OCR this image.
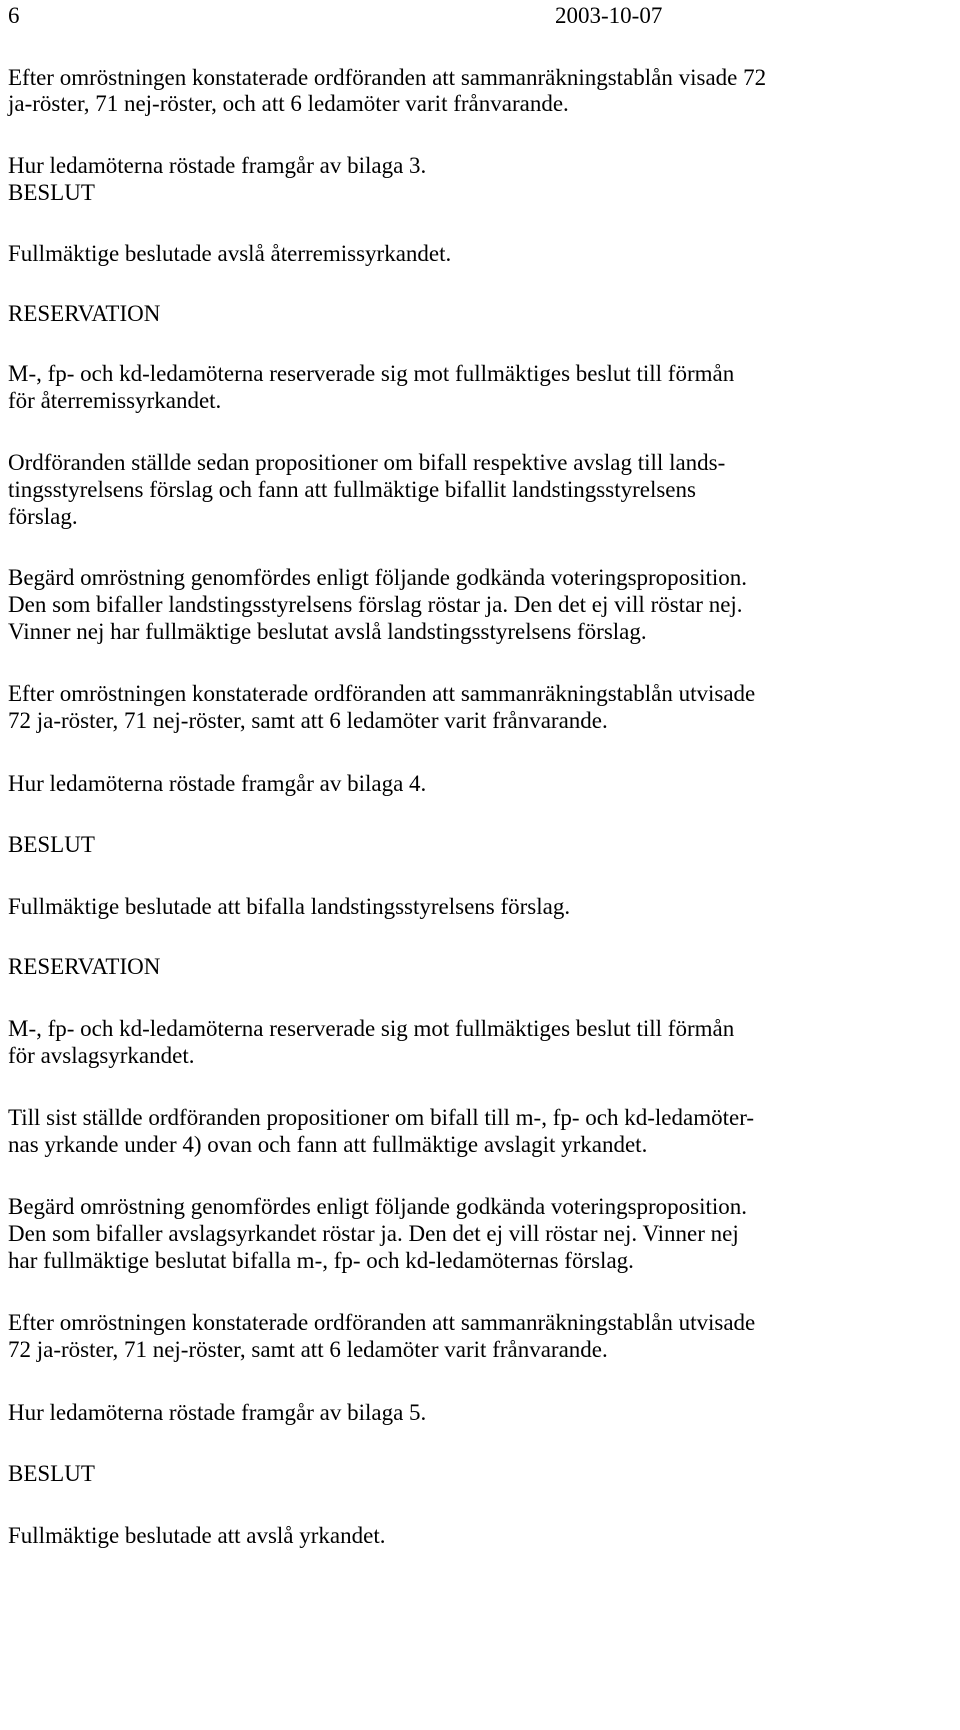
6	2003-10-07
Efter omröstningen konstaterade ordföranden att sammanräkningstablån visade 72
ja-röster, 71 nej-röster, och att 6 ledamöter varit frånvarande.
Hur ledamöterna röstade framgår av bilaga 3.
BESLUT
Fullmäktige beslutade avslå återremissyrkandet.
RESERVATION
M-, fp- och kd-ledamöterna reserverade sig mot fullmäktiges beslut till förmån
för återremissyrkandet.
Ordföranden ställde sedan propositioner om bifall respektive avslag till lands-
tingsstyrelsens förslag och fann att fullmäktige bifallit landstingsstyrelsens
förslag.
Begärd omröstning genomfördes enligt följande godkända voteringsproposition.
Den som bifaller landstingsstyrelsens förslag röstar ja. Den det ej vill röstar nej.
Vinner nej har fullmäktige beslutat avslå landstingsstyrelsens förslag.
Efter omröstningen konstaterade ordföranden att sammanräkningstablån utvisade
72 ja-röster, 71 nej-röster, samt att 6 ledamöter varit frånvarande.
Hur ledamöterna röstade framgår av bilaga 4.
BESLUT
Fullmäktige beslutade att bifalla landstingsstyrelsens förslag.
RESERVATION
M-, fp- och kd-ledamöterna reserverade sig mot fullmäktiges beslut till förmån
för avslagsyrkandet.
Till sist ställde ordföranden propositioner om bifall till m-, fp- och kd-ledamöter-
nas yrkande under 4) ovan och fann att fullmäktige avslagit yrkandet.
Begärd omröstning genomfördes enligt följande godkända voteringsproposition.
Den som bifaller avslagsyrkandet röstar ja. Den det ej vill röstar nej. Vinner nej
har fullmäktige beslutat bifalla m-, fp- och kd-ledamöternas förslag.
Efter omröstningen konstaterade ordföranden att sammanräkningstablån utvisade
72 ja-röster, 71 nej-röster, samt att 6 ledamöter varit frånvarande.
Hur ledamöterna röstade framgår av bilaga 5.
BESLUT
Fullmäktige beslutade att avslå yrkandet.
